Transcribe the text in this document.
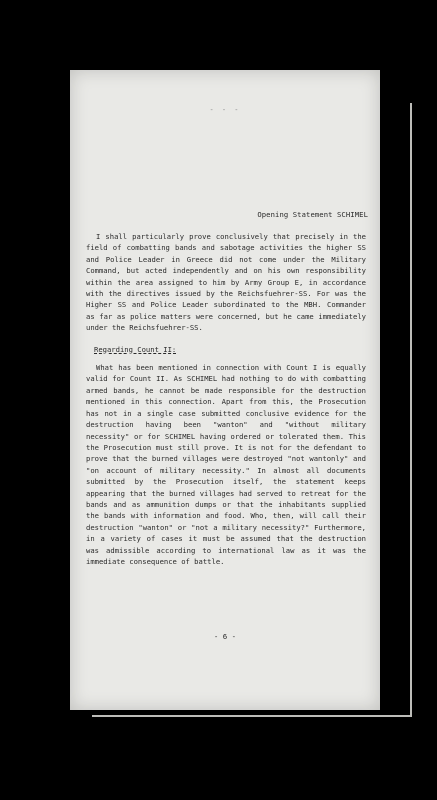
- - -
Opening Statement SCHIMEL

I shall particularly prove conclusively that precisely in the field of combatting bands and sabotage activities the higher SS and Police Leader in Greece did not come under the Military Command, but acted independently and on his own responsibility within the area assigned to him by Army Group E, in accordance with the directives issued by the Reichsfuehrer-SS. For was the Higher SS and Police Leader subordinated to the MBH. Commander as far as police matters were concerned, but he came immediately under the Reichsfuehrer-SS.

Regarding Count II:

What has been mentioned in connection with Count I is equally valid for Count II. As SCHIMEL had nothing to do with combatting armed bands, he cannot be made responsible for the destruction mentioned in this connection. Apart from this, the Prosecution has not in a single case submitted conclusive evidence for the destruction having been "wanton" and "without military necessity" or for SCHIMEL having ordered or tolerated them. This the Prosecution must still prove. It is not for the defendant to prove that the burned villages were destroyed "not wantonly" and "on account of military necessity." In almost all documents submitted by the Prosecution itself, the statement keeps appearing that the burned villages had served to retreat for the bands and as ammunition dumps or that the inhabitants supplied the bands with information and food. Who, then, will call their destruction "wanton" or "not a military necessity?" Furthermore, in a variety of cases it must be assumed that the destruction was admissible according to international law as it was the immediate consequence of battle.

- 6 -
